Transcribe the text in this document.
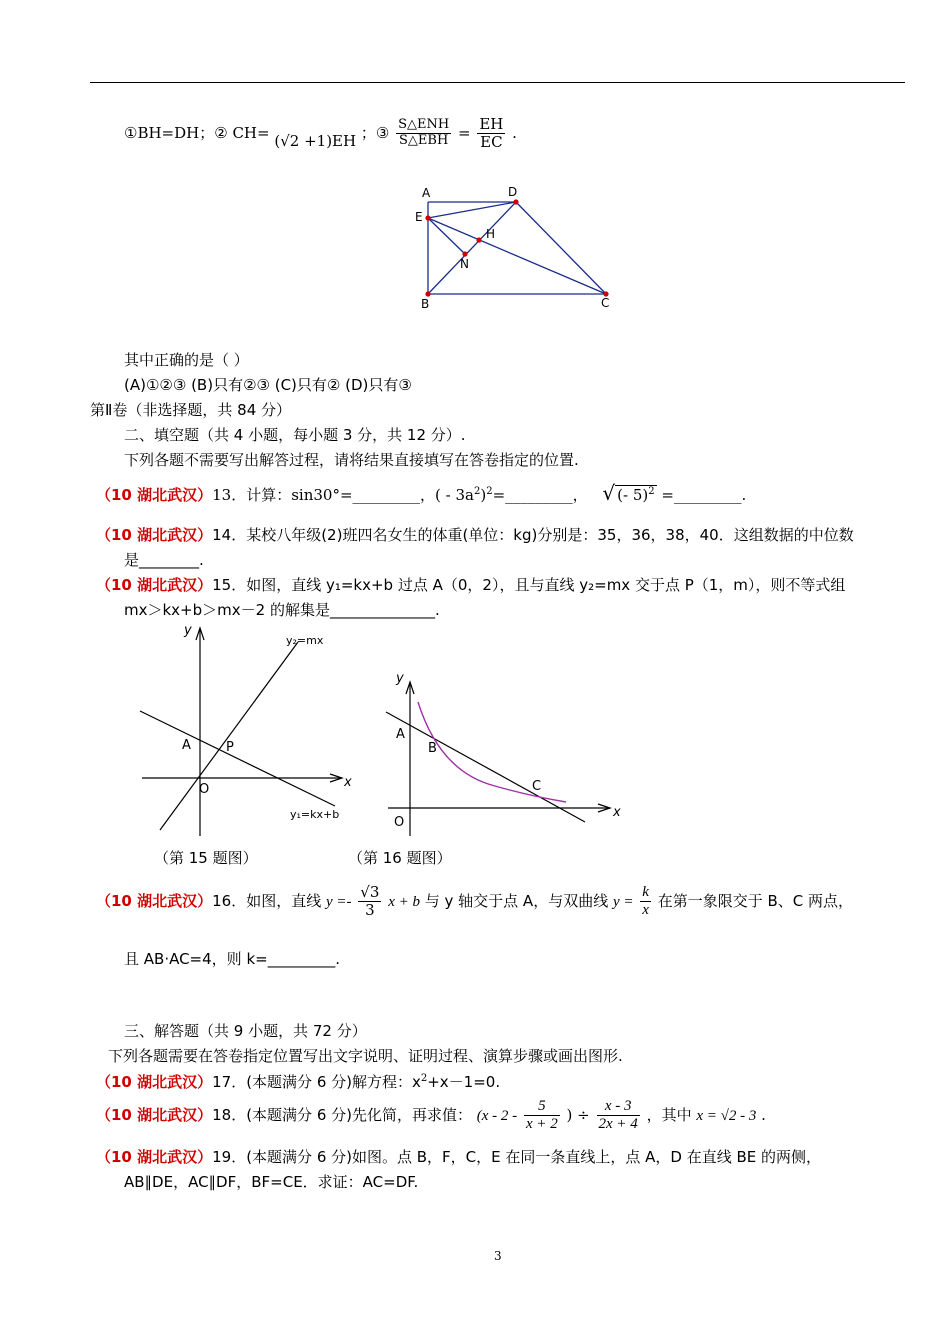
①BH=DH；② CH= (√2 +1)EH ；③ $\frac{\text{S△ENH}}{\text{S△EBH}} = \frac{EH}{EC}$ .
A	D
E
H
N
B	C
其中正确的是（ ）
(A)①②③ (B)只有②③ (C)只有② (D)只有③
第Ⅱ卷（非选择题，共 84 分）
二、填空题（共 4 小题，每小题 3 分，共 12 分）.
下列各题不需要写出解答过程，请将结果直接填写在答卷指定的位置.
（10 湖北武汉）13．计算：sin30°=_________，( - $3a^2)^2=\_\_\_\_\_\_\_\_\_$， √ (- 5)$^2$ =_________.
（10 湖北武汉）14．某校八年级(2)班四名女生的体重(单位：kg)分别是：35，36，38，40．这组数据的中位数
是________.
（10 湖北武汉）15．如图，直线 y₁=kx+b 过点 A（0，2），且与直线 y₂=mx 交于点 P（1，m），则不等式组
mx＞kx+b＞mx－2 的解集是______________.
y
x
A	P
O
y₂=mx
y₁=kx+b
y
x
A
B
C
O
（第 15 题图）	（第 16 题图）
（10 湖北武汉）16．如图，直线 $y =- \frac{√3}{3}$ x + b 与 y 轴交于点 A，与双曲线 $y = \frac{k}{x}$ 在第一象限交于 B、C 两点，
且 AB·AC=4，则 k=_________.
三、解答题（共 9 小题，共 72 分）
下列各题需要在答卷指定位置写出文字说明、证明过程、演算步骤或画出图形.
（10 湖北武汉）17．(本题满分 6 分)解方程：$x^2+x-1=0$.
（10 湖北武汉）18．(本题满分 6 分)先化简，再求值： ($x - 2 - \frac{5}{x + 2}$ ) ÷ $\frac{x - 3}{2x + 4}$ ，其中 x = √2 - 3 .
（10 湖北武汉）19．(本题满分 6 分)如图。点 B，F，C，E 在同一条直线上，点 A，D 在直线 BE 的两侧，
AB∥DE，AC∥DF，BF=CE．求证：AC=DF.
3
